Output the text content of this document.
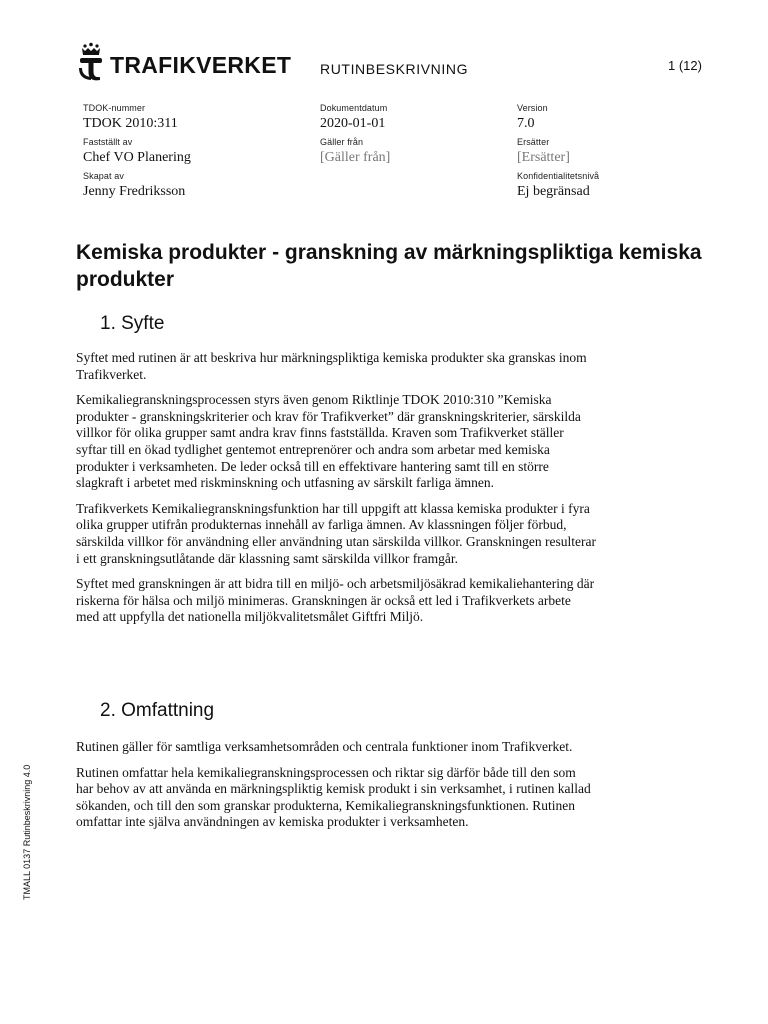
TRAFIKVERKET RUTINBESKRIVNING	1 (12)
TDOK-nummer
TDOK 2010:311
Dokumentdatum
2020-01-01
Version
7.0
Fastställt av
Chef VO Planering
Gäller från
[Gäller från]
Ersätter
[Ersätter]
Skapat av
Jenny Fredriksson
Konfidentialitetsnivå
Ej begränsad
Kemiska produkter - granskning av märkningspliktiga kemiska produkter
1. Syfte

Syftet med rutinen är att beskriva hur märkningspliktiga kemiska produkter ska granskas inom Trafikverket.

Kemikaliegranskningsprocessen styrs även genom Riktlinje TDOK 2010:310 ”Kemiska produkter - granskningskriterier och krav för Trafikverket” där granskningskriterier, särskilda villkor för olika grupper samt andra krav finns fastställda. Kraven som Trafikverket ställer syftar till en ökad tydlighet gentemot entreprenörer och andra som arbetar med kemiska produkter i verksamheten. De leder också till en effektivare hantering samt till en större slagkraft i arbetet med riskminskning och utfasning av särskilt farliga ämnen.

Trafikverkets Kemikaliegranskningsfunktion har till uppgift att klassa kemiska produkter i fyra olika grupper utifrån produkternas innehåll av farliga ämnen. Av klassningen följer förbud, särskilda villkor för användning eller användning utan särskilda villkor. Granskningen resulterar i ett granskningsutlåtande där klassning samt särskilda villkor framgår.

Syftet med granskningen är att bidra till en miljö- och arbetsmiljösäkrad kemikaliehantering där riskerna för hälsa och miljö minimeras. Granskningen är också ett led i Trafikverkets arbete med att uppfylla det nationella miljökvalitetsmålet Giftfri Miljö.

2. Omfattning

Rutinen gäller för samtliga verksamhetsområden och centrala funktioner inom Trafikverket.

Rutinen omfattar hela kemikaliegranskningsprocessen och riktar sig därför både till den som har behov av att använda en märkningspliktig kemisk produkt i sin verksamhet, i rutinen kallad sökanden, och till den som granskar produkterna, Kemikaliegranskningsfunktionen. Rutinen omfattar inte själva användningen av kemiska produkter i verksamheten.

TMALL 0137 Rutinbeskrivning 4.0
